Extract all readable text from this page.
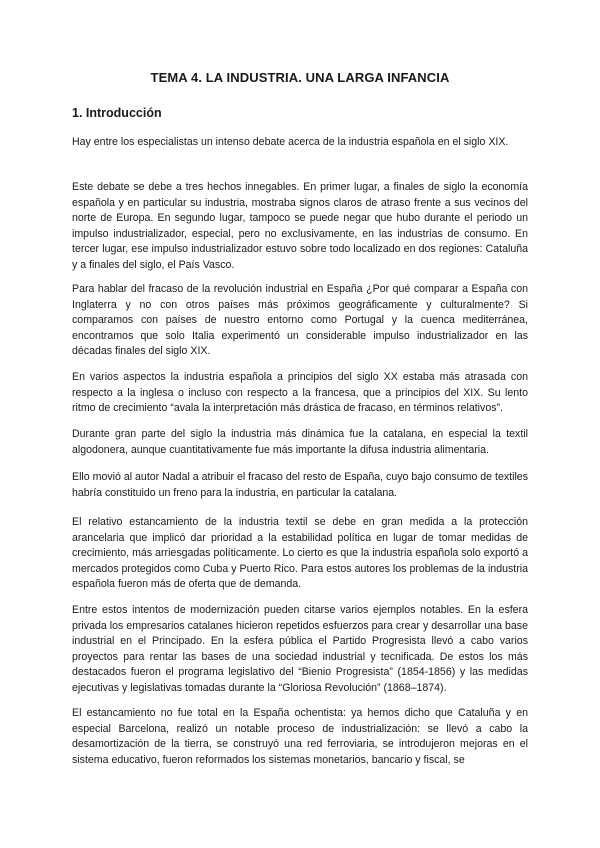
TEMA 4. LA INDUSTRIA. UNA LARGA INFANCIA
1. Introducción

Hay entre los especialistas un intenso debate acerca de la industria española en el siglo XIX.

Este debate se debe a tres hechos innegables. En primer lugar, a finales de siglo la economía española y en particular su industria, mostraba signos claros de atraso frente a sus vecinos del norte de Europa. En segundo lugar, tampoco se puede negar que hubo durante el periodo un impulso industrializador, especial, pero no exclusivamente, en las industrias de consumo. En tercer lugar, ese impulso industrializador estuvo sobre todo localizado en dos regiones: Cataluña y a finales del siglo, el País Vasco.

Para hablar del fracaso de la revolución industrial en España ¿Por qué comparar a España con Inglaterra y no con otros países más próximos geográficamente y culturalmente? Si comparamos con países de nuestro entorno como Portugal y la cuenca mediterránea, encontramos que solo Italia experimentó un considerable impulso industrializador en las décadas finales del siglo XIX.

En varios aspectos la industria española a principios del siglo XX estaba más atrasada con respecto a la inglesa o incluso con respecto a la francesa, que a principios del XIX. Su lento ritmo de crecimiento “avala la interpretación más drástica de fracaso, en términos relativos”.

Durante gran parte del siglo la industria más dinámica fue la catalana, en especial la textil algodonera, aunque cuantitativamente fue más importante la difusa industria alimentaria.

Ello movió al autor Nadal a atribuir el fracaso del resto de España, cuyo bajo consumo de textiles habría constituido un freno para la industria, en particular la catalana.

El relativo estancamiento de la industria textil se debe en gran medida a la protección arancelaria que implicó dar prioridad a la estabilidad política en lugar de tomar medidas de crecimiento, más arriesgadas políticamente. Lo cierto es que la industria española solo exportó a mercados protegidos como Cuba y Puerto Rico. Para estos autores los problemas de la industria española fueron más de oferta que de demanda.

Entre estos intentos de modernización pueden citarse varios ejemplos notables. En la esfera privada los empresarios catalanes hicieron repetidos esfuerzos para crear y desarrollar una base industrial en el Principado. En la esfera pública el Partido Progresista llevó a cabo varios proyectos para rentar las bases de una sociedad industrial y tecnificada. De estos los más destacados fueron el programa legislativo del “Bienio Progresista” (1854-1856) y las medidas ejecutivas y legislativas tomadas durante la “Gloriosa Revolución” (1868–1874).

El estancamiento no fue total en la España ochentista: ya hemos dicho que Cataluña y en especial Barcelona, realizó un notable proceso de industrialización: se llevó a cabo la desamortización de la tierra, se construyó una red ferroviaria, se introdujeron mejoras en el sistema educativo, fueron reformados los sistemas monetarios, bancario y fiscal, se
